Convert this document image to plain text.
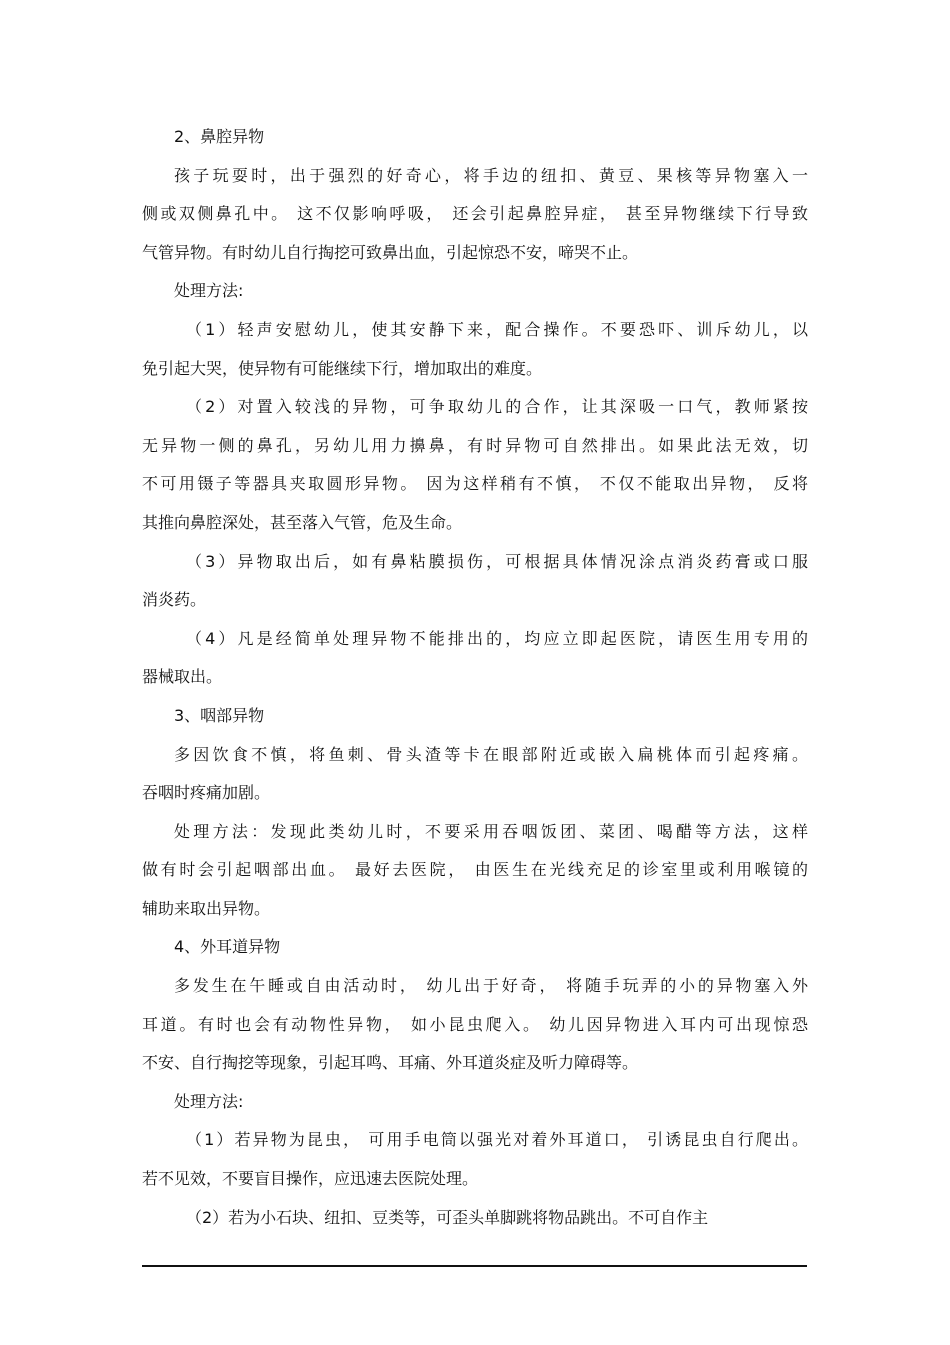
2、鼻腔异物
孩子玩耍时，出于强烈的好奇心，将手边的纽扣、黄豆、果核等异物塞入一
侧或双侧鼻孔中。 这不仅影响呼吸， 还会引起鼻腔异症， 甚至异物继续下行导致
气管异物。有时幼儿自行掏挖可致鼻出血，引起惊恐不安，啼哭不止。
处理方法:
（1）轻声安慰幼儿，使其安静下来，配合操作。不要恐吓、训斥幼儿，以
免引起大哭，使异物有可能继续下行，增加取出的难度。
（2）对置入较浅的异物，可争取幼儿的合作，让其深吸一口气，教师紧按
无异物一侧的鼻孔，另幼儿用力擤鼻，有时异物可自然排出。如果此法无效，切
不可用镊子等器具夹取圆形异物。 因为这样稍有不慎， 不仅不能取出异物， 反将
其推向鼻腔深处，甚至落入气管，危及生命。
（3）异物取出后，如有鼻粘膜损伤，可根据具体情况涂点消炎药膏或口服
消炎药。
（4）凡是经简单处理异物不能排出的，均应立即起医院，请医生用专用的
器械取出。
3、咽部异物
多因饮食不慎，将鱼刺、骨头渣等卡在眼部附近或嵌入扁桃体而引起疼痛。
吞咽时疼痛加剧。
处理方法：发现此类幼儿时，不要采用吞咽饭团、菜团、喝醋等方法，这样
做有时会引起咽部出血。 最好去医院， 由医生在光线充足的诊室里或利用喉镜的
辅助来取出异物。
4、外耳道异物
多发生在午睡或自由活动时， 幼儿出于好奇， 将随手玩弄的小的异物塞入外
耳道。有时也会有动物性异物， 如小昆虫爬入。 幼儿因异物进入耳内可出现惊恐
不安、自行掏挖等现象，引起耳鸣、耳痛、外耳道炎症及听力障碍等。
处理方法:
（1）若异物为昆虫， 可用手电筒以强光对着外耳道口， 引诱昆虫自行爬出。
若不见效，不要盲目操作，应迅速去医院处理。
（2）若为小石块、纽扣、豆类等，可歪头单脚跳将物品跳出。不可自作主
